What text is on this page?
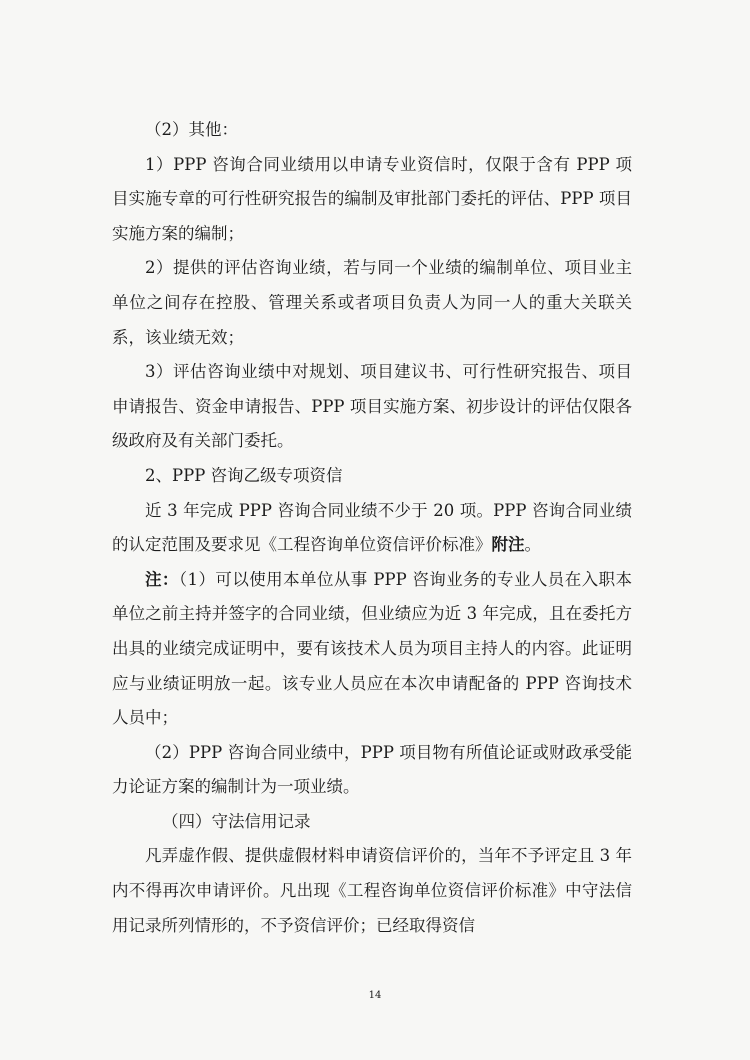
（2）其他：

1）PPP 咨询合同业绩用以申请专业资信时，仅限于含有 PPP 项目实施专章的可行性研究报告的编制及审批部门委托的评估、PPP 项目实施方案的编制；

2）提供的评估咨询业绩，若与同一个业绩的编制单位、项目业主单位之间存在控股、管理关系或者项目负责人为同一人的重大关联关系，该业绩无效；

3）评估咨询业绩中对规划、项目建议书、可行性研究报告、项目申请报告、资金申请报告、PPP 项目实施方案、初步设计的评估仅限各级政府及有关部门委托。

2、PPP 咨询乙级专项资信

近 3 年完成 PPP 咨询合同业绩不少于 20 项。PPP 咨询合同业绩的认定范围及要求见《工程咨询单位资信评价标准》附注。

注：（1）可以使用本单位从事 PPP 咨询业务的专业人员在入职本单位之前主持并签字的合同业绩，但业绩应为近 3 年完成，且在委托方出具的业绩完成证明中，要有该技术人员为项目主持人的内容。此证明应与业绩证明放一起。该专业人员应在本次申请配备的 PPP 咨询技术人员中；

（2）PPP 咨询合同业绩中，PPP 项目物有所值论证或财政承受能力论证方案的编制计为一项业绩。

（四）守法信用记录

凡弄虚作假、提供虚假材料申请资信评价的，当年不予评定且 3 年内不得再次申请评价。凡出现《工程咨询单位资信评价标准》中守法信用记录所列情形的，不予资信评价；已经取得资信

14
